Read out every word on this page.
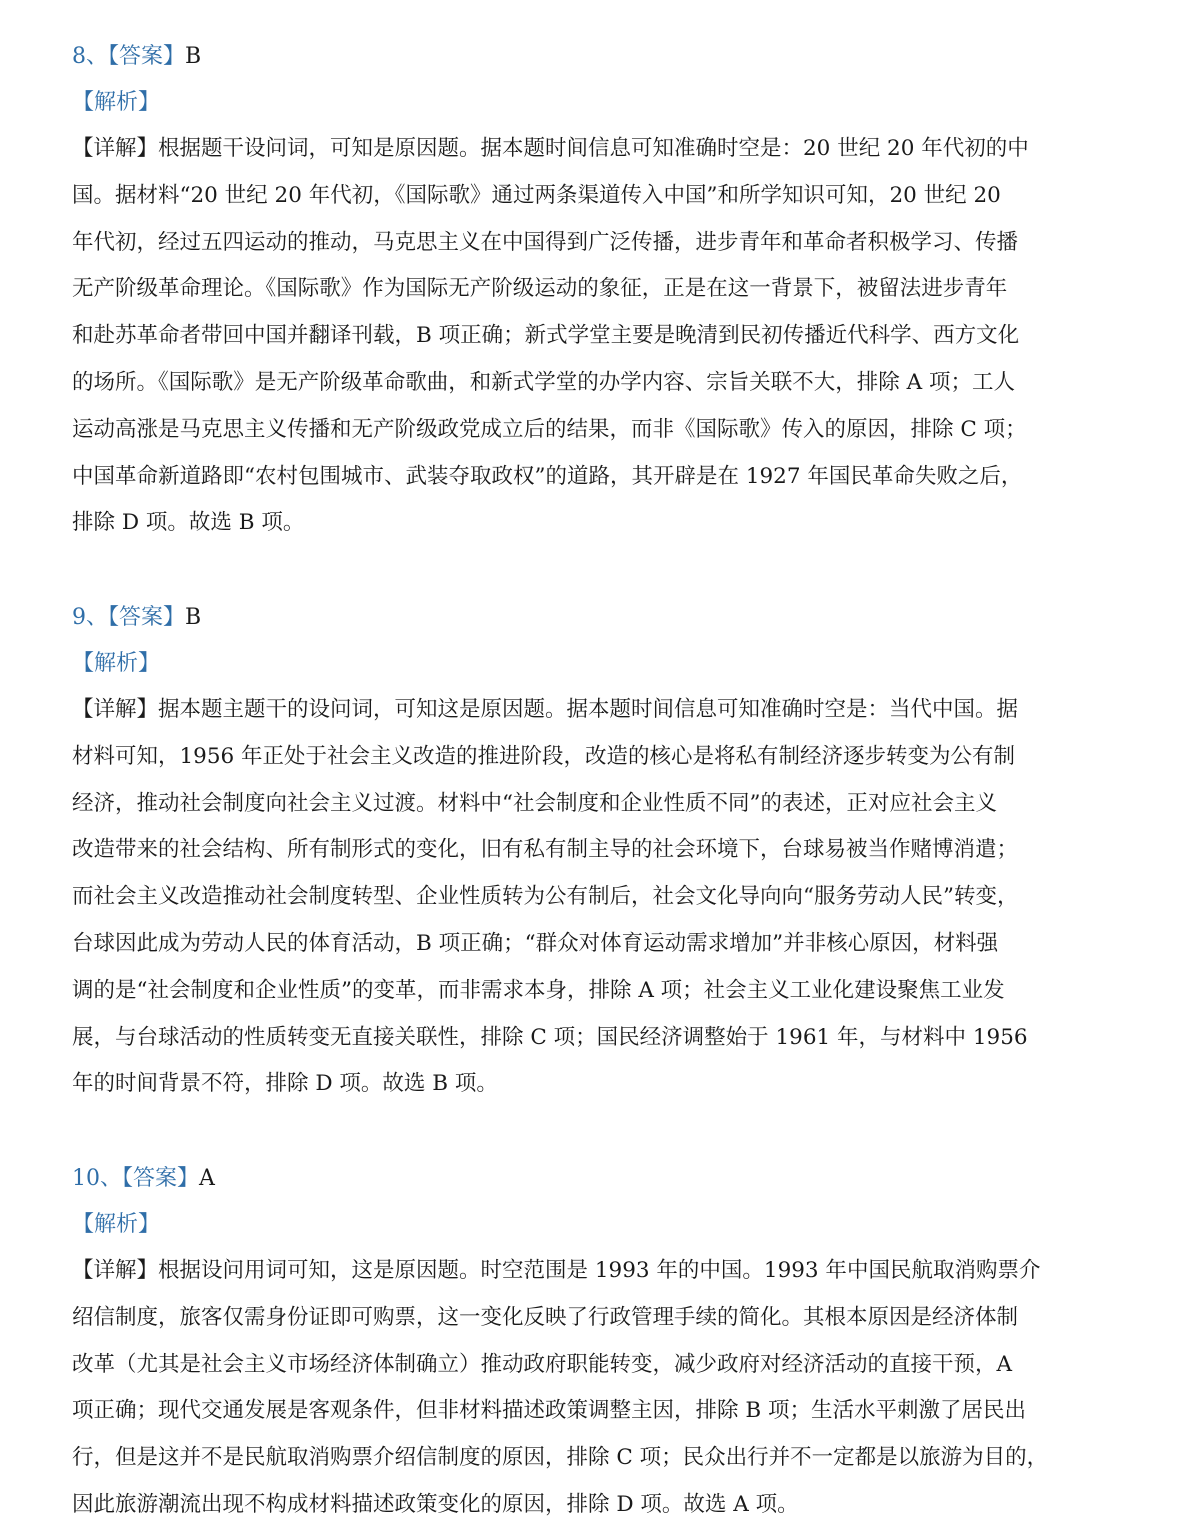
8、【答案】B
【解析】
【详解】根据题干设问词，可知是原因题。据本题时间信息可知准确时空是：20 世纪 20 年代初的中
国。据材料“20 世纪 20 年代初，《国际歌》通过两条渠道传入中国”和所学知识可知，20 世纪 20
年代初，经过五四运动的推动，马克思主义在中国得到广泛传播，进步青年和革命者积极学习、传播
无产阶级革命理论。《国际歌》作为国际无产阶级运动的象征，正是在这一背景下，被留法进步青年
和赴苏革命者带回中国并翻译刊载，B 项正确；新式学堂主要是晚清到民初传播近代科学、西方文化
的场所。《国际歌》是无产阶级革命歌曲，和新式学堂的办学内容、宗旨关联不大，排除 A 项；工人
运动高涨是马克思主义传播和无产阶级政党成立后的结果，而非《国际歌》传入的原因，排除 C 项；
中国革命新道路即“农村包围城市、武装夺取政权”的道路，其开辟是在 1927 年国民革命失败之后，
排除 D 项。故选 B 项。
9、【答案】B
【解析】
【详解】据本题主题干的设问词，可知这是原因题。据本题时间信息可知准确时空是：当代中国。据
材料可知，1956 年正处于社会主义改造的推进阶段，改造的核心是将私有制经济逐步转变为公有制
经济，推动社会制度向社会主义过渡。材料中“社会制度和企业性质不同”的表述，正对应社会主义
改造带来的社会结构、所有制形式的变化，旧有私有制主导的社会环境下，台球易被当作赌博消遣；
而社会主义改造推动社会制度转型、企业性质转为公有制后，社会文化导向向“服务劳动人民”转变，
台球因此成为劳动人民的体育活动，B 项正确；“群众对体育运动需求增加”并非核心原因，材料强
调的是“社会制度和企业性质”的变革，而非需求本身，排除 A 项；社会主义工业化建设聚焦工业发
展，与台球活动的性质转变无直接关联性，排除 C 项；国民经济调整始于 1961 年，与材料中 1956
年的时间背景不符，排除 D 项。故选 B 项。
10、【答案】A
【解析】
【详解】根据设问用词可知，这是原因题。时空范围是 1993 年的中国。1993 年中国民航取消购票介
绍信制度，旅客仅需身份证即可购票，这一变化反映了行政管理手续的简化。其根本原因是经济体制
改革（尤其是社会主义市场经济体制确立）推动政府职能转变，减少政府对经济活动的直接干预，A
项正确；现代交通发展是客观条件，但非材料描述政策调整主因，排除 B 项；生活水平刺激了居民出
行，但是这并不是民航取消购票介绍信制度的原因，排除 C 项；民众出行并不一定都是以旅游为目的，
因此旅游潮流出现不构成材料描述政策变化的原因，排除 D 项。故选 A 项。
